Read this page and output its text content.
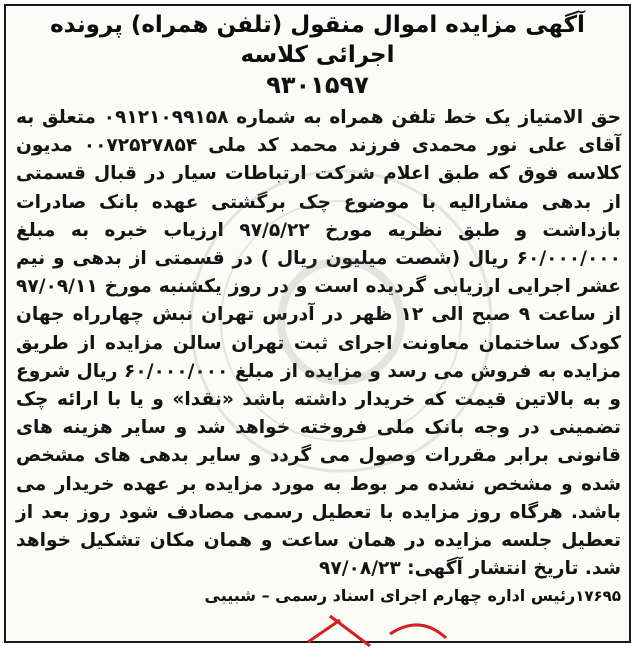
آگهی مزایده اموال منقول (تلفن همراه) پرونده اجرائی کلاسه
۹۳۰۱۵۹۷

حق الامتیاز یک خط تلفن همراه به شماره ۰۹۱۲۱۰۹۹۱۵۸ متعلق به آقای علی نور محمدی فرزند محمد کد ملی ۰۰۷۲۵۲۷۸۵۴ مدیون کلاسه فوق که طبق اعلام شرکت ارتباطات سیار در قبال قسمتی از بدهی مشارالیه با موضوع چک برگشتی عهده بانک صادرات بازداشت و طبق نظریه مورخ ۹۷/۵/۲۲ ارزیاب خبره به مبلغ ۶۰/۰۰۰/۰۰۰ ریال (شصت میلیون ریال ) در قسمتی از بدهی و نیم عشر اجرایی ارزیابی گردیده است و در روز یکشنبه مورخ ۹۷/۰۹/۱۱ از ساعت ۹ صبح الی ۱۲ ظهر در آدرس تهران نبش چهارراه جهان کودک ساختمان معاونت اجرای ثبت تهران سالن مزایده از طریق مزایده به فروش می رسد و مزایده از مبلغ ۶۰/۰۰۰/۰۰۰ ریال شروع و به بالاتین قیمت که خریدار داشته باشد «نقدا» و یا با ارائه چک تضمینی در وجه بانک ملی فروخته خواهد شد و سایر هزینه های قانونی برابر مقررات وصول می گردد و سایر بدهی های مشخص شده و مشخص نشده مر بوط به مورد مزایده بر عهده خریدار می باشد. هرگاه روز مزایده با تعطیل رسمی مصادف شود روز بعد از تعطیل جلسه مزایده در همان ساعت و همان مکان تشکیل خواهد شد. تاریخ انتشار آگهی: ۹۷/۰۸/۲۳

۱۷۶۹۵رئیس اداره چهارم اجرای اسناد رسمی – شبیبی
